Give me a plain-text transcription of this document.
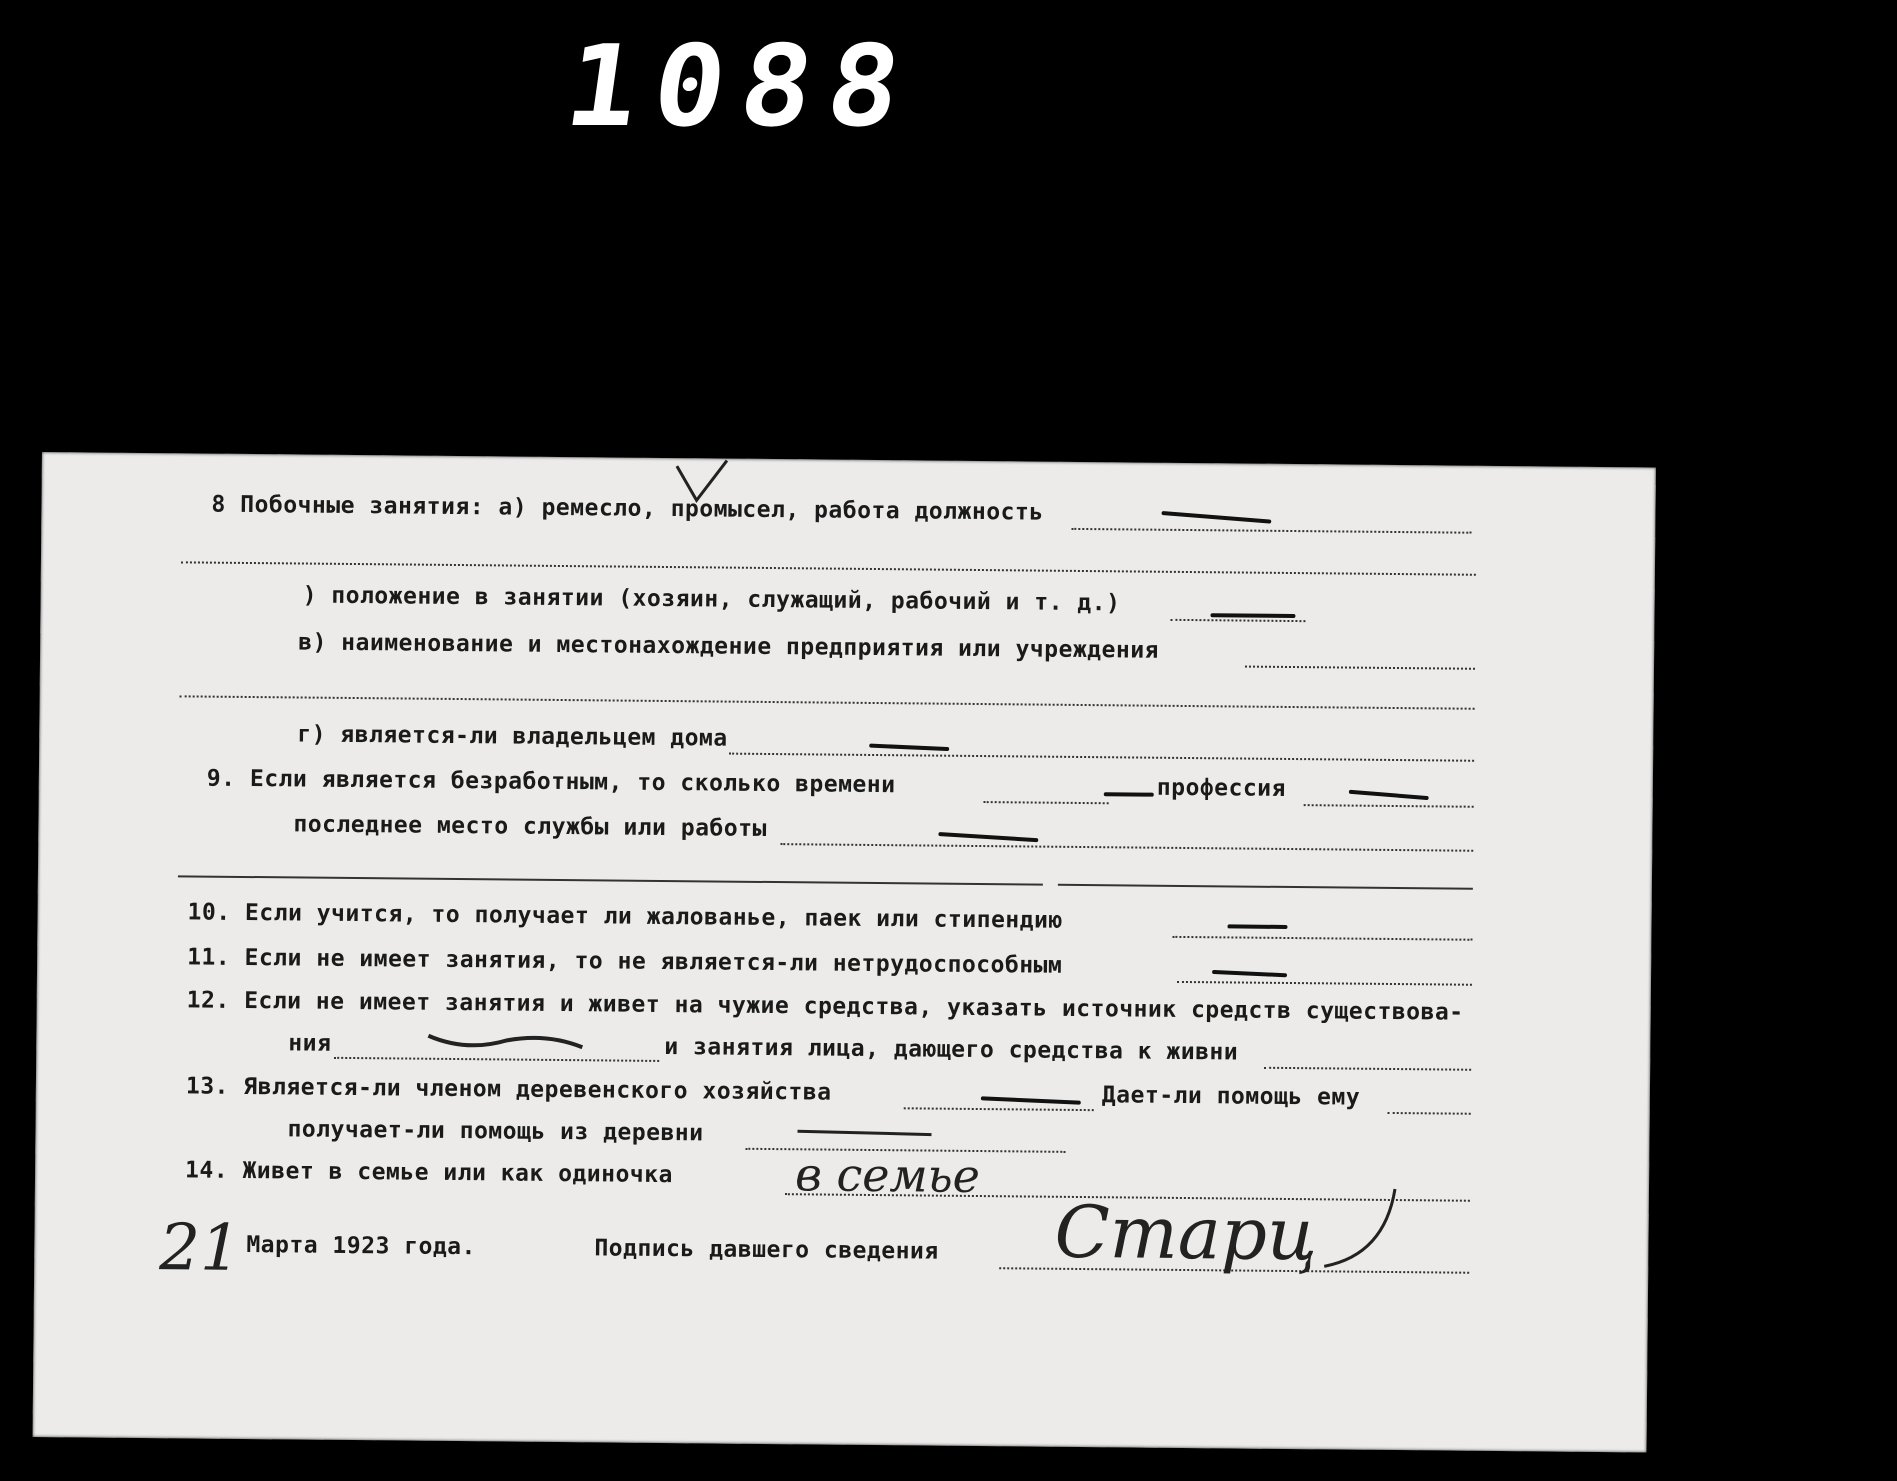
1088
8 Побочные занятия: а) ремесло, промысел, работа должность
) положение в занятии (хозяин, служащий, рабочий и т. д.)
в) наименование и местонахождение предприятия или учреждения
г) является-ли владельцем дома
9. Если является безработным, то сколько времени	профессия
последнее место службы или работы
10. Если учится, то получает ли жалованье, паек или стипендию
11. Если не имеет занятия, то не является-ли нетрудоспособным
12. Если не имеет занятия и живет на чужие средства, указать источник средств существова-
ния	и занятия лица, дающего средства к живни
13. Является-ли членом деревенского хозяйства	Дает-ли помощь ему
получает-ли помощь из деревни
14. Живет в семье или как одиночка	в семье
21 Марта 1923 года.	Подпись давшего сведения Старц
